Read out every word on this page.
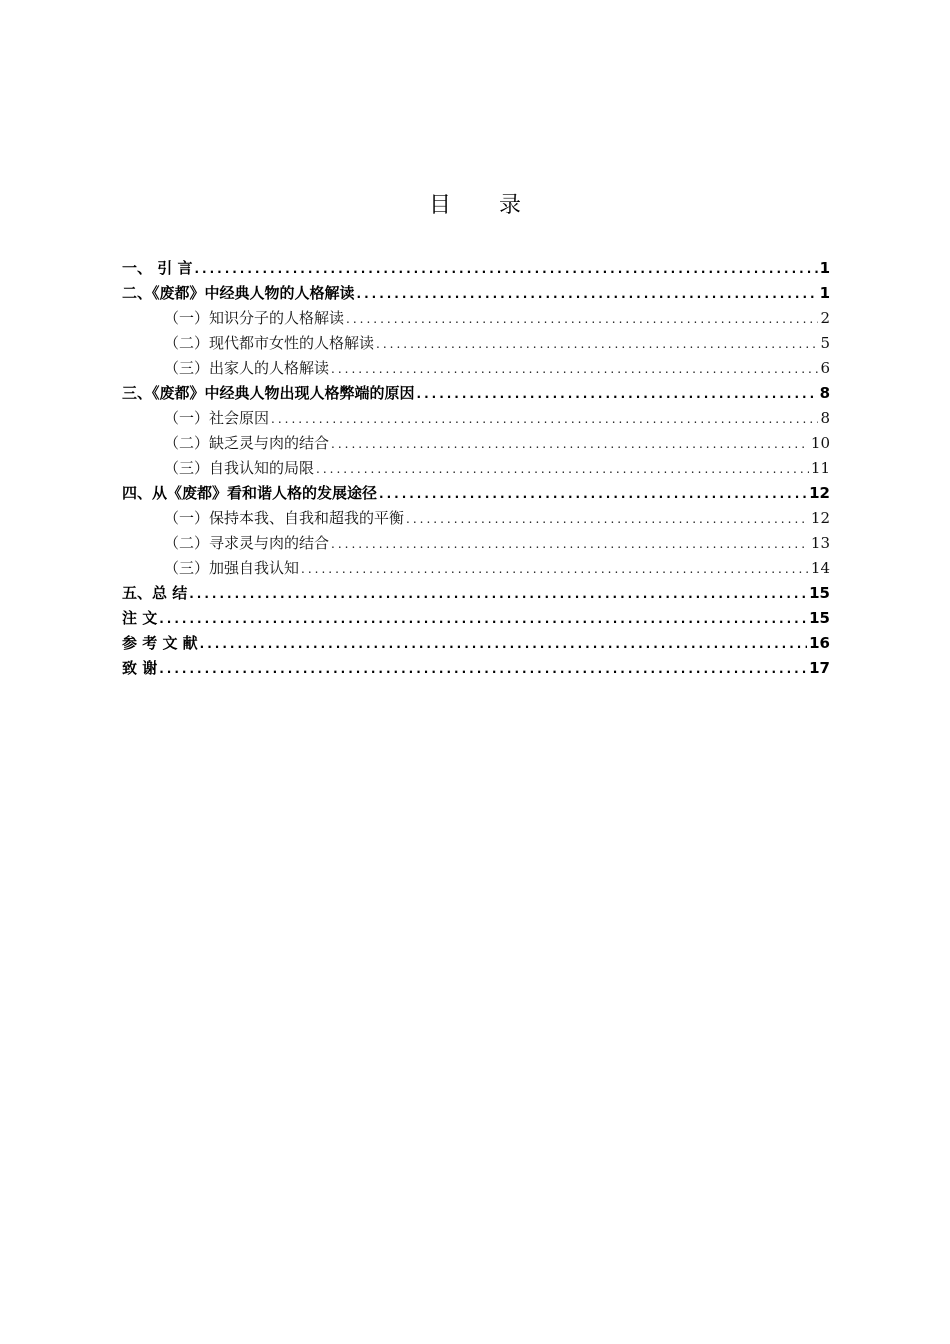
目 录
一、 引 言 .....	1
二、《废都》中经典人物的人格解读 .....	1
（一）知识分子的人格解读 .....	2
（二）现代都市女性的人格解读 .....	5
（三）出家人的人格解读 .....	6
三、《废都》中经典人物出现人格弊端的原因 .....	8
（一）社会原因 .....	8
（二）缺乏灵与肉的结合 .....	10
（三）自我认知的局限 .....	11
四、从《废都》看和谐人格的发展途径 .....	12
（一）保持本我、自我和超我的平衡 .....	12
（二）寻求灵与肉的结合 .....	13
（三）加强自我认知 .....	14
五、总 结 .....	15
注 文 .....	15
参 考 文 献 .....	16
致 谢 .....	17
